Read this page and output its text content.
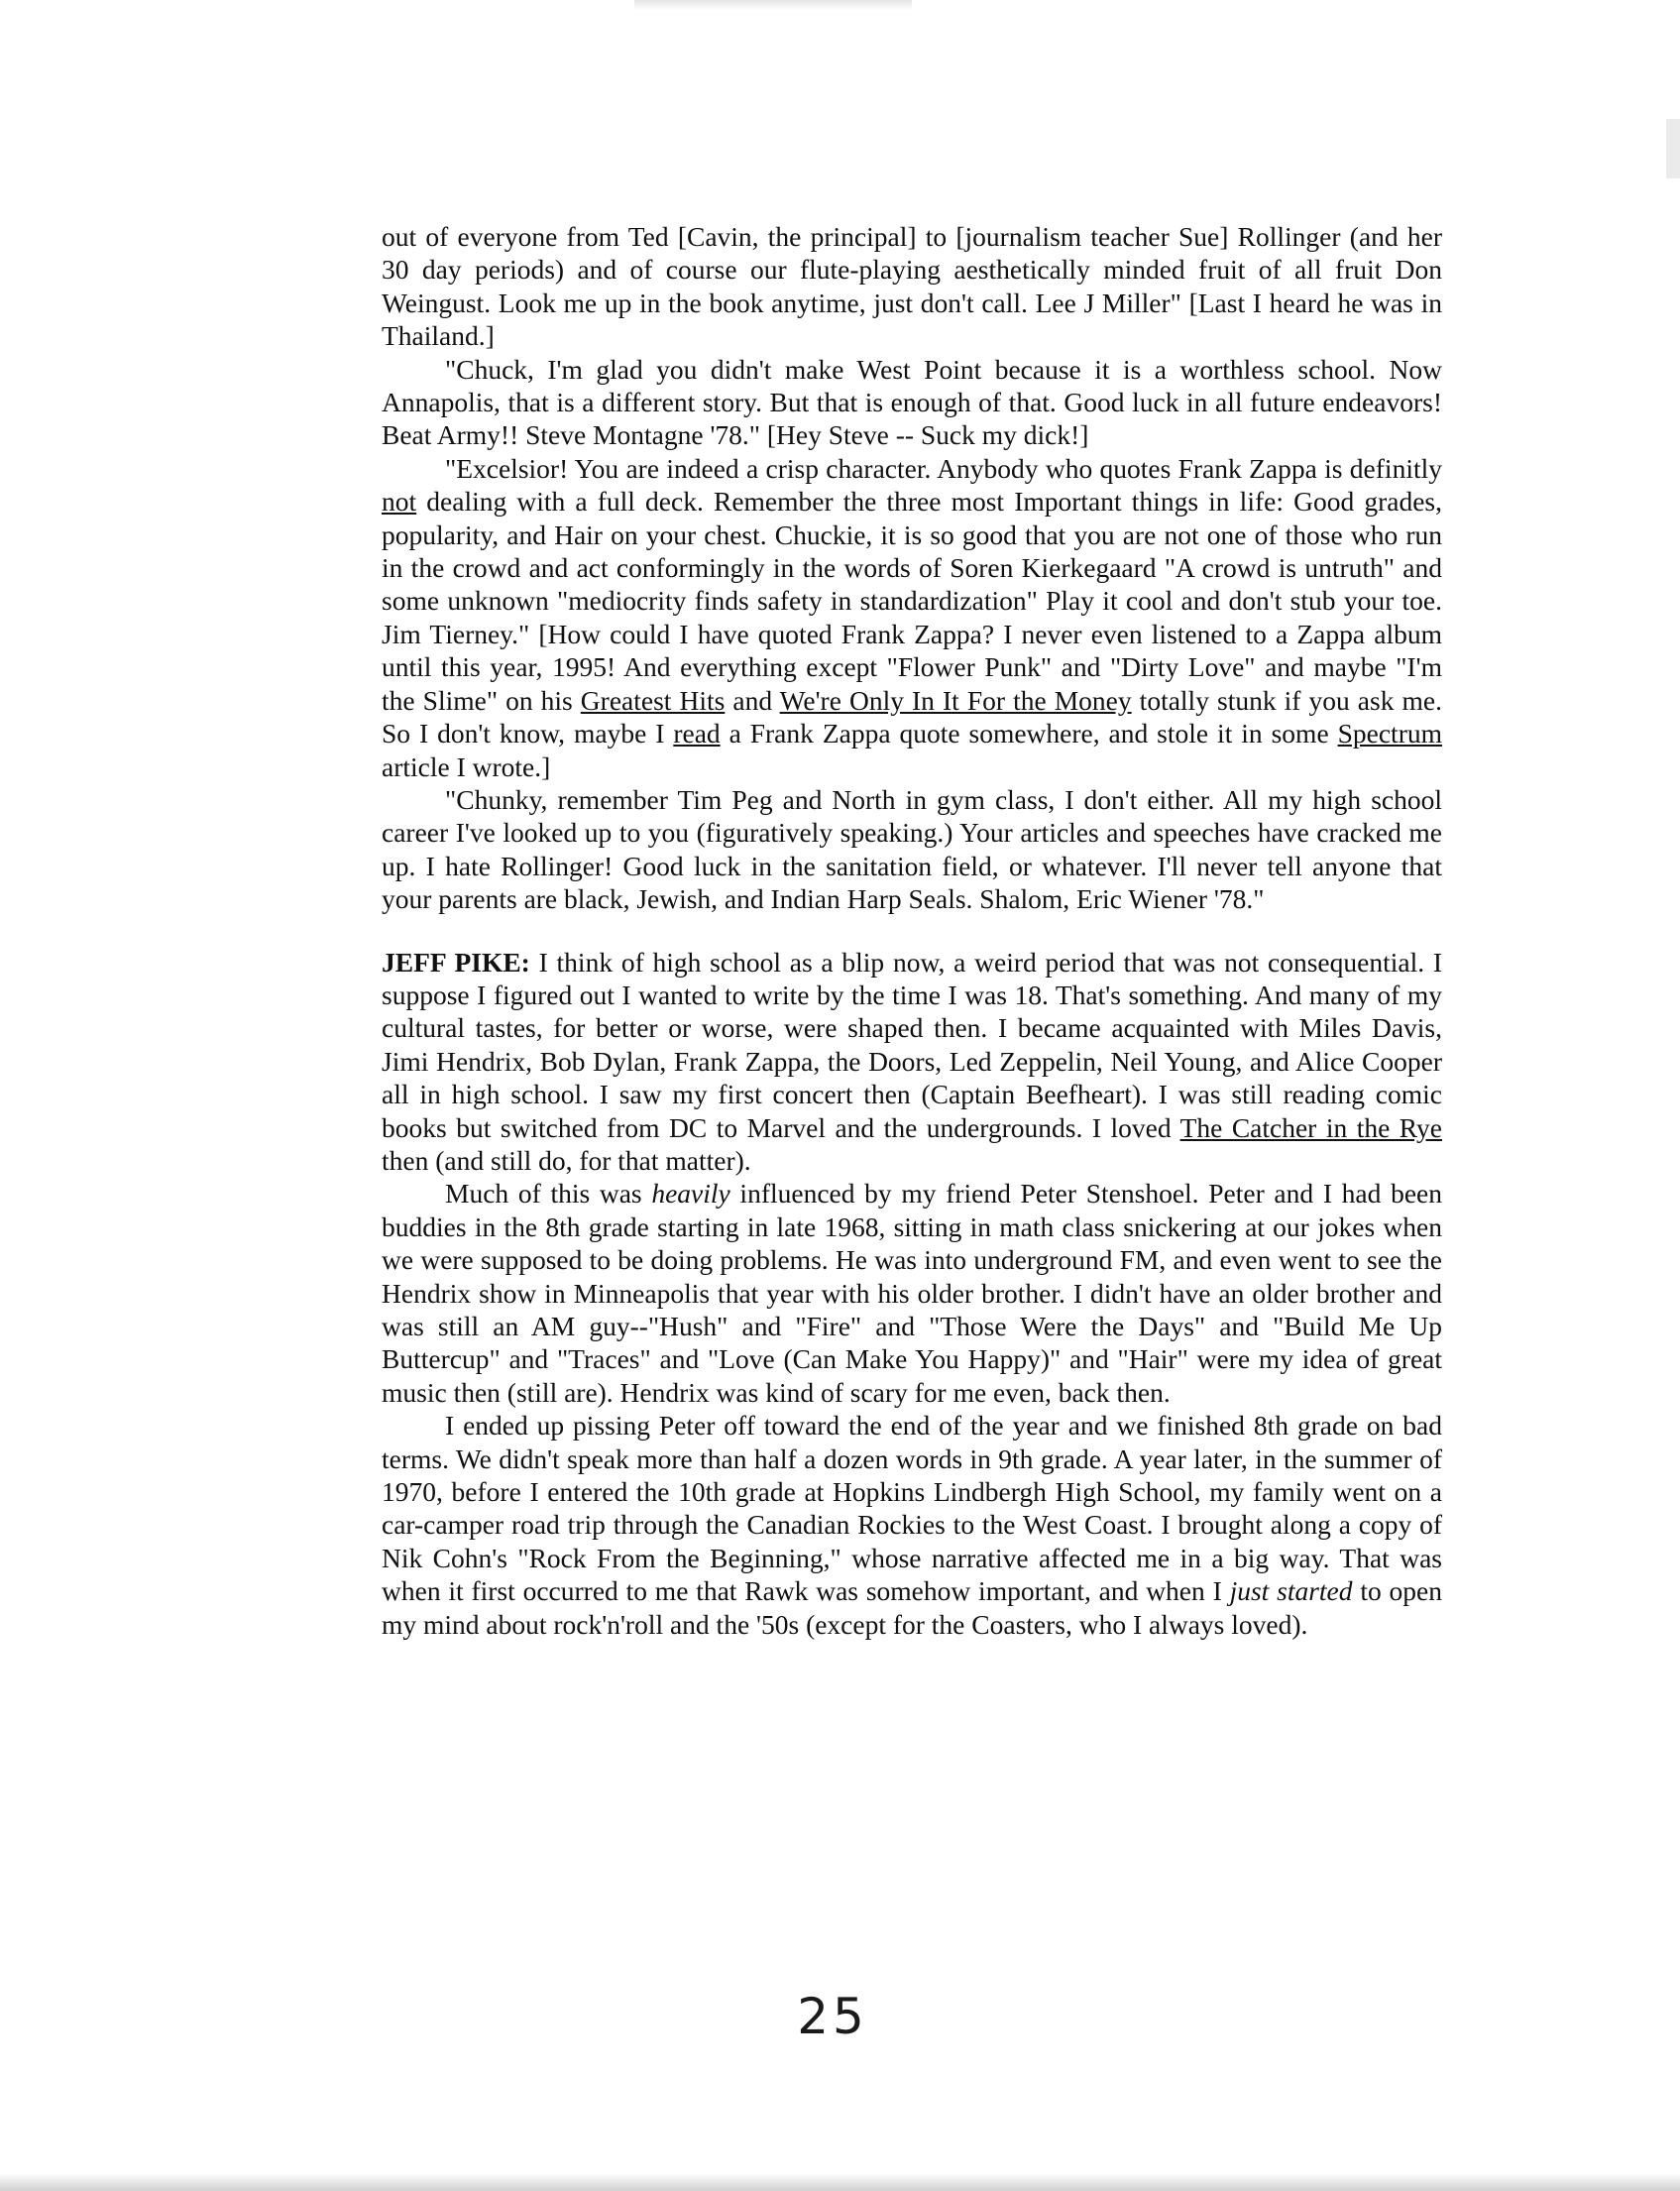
out of everyone from Ted [Cavin, the principal] to [journalism teacher Sue] Rollinger (and her 30 day periods) and of course our flute-playing aesthetically minded fruit of all fruit Don Weingust. Look me up in the book anytime, just don't call. Lee J Miller" [Last I heard he was in Thailand.]

"Chuck, I'm glad you didn't make West Point because it is a worthless school. Now Annapolis, that is a different story. But that is enough of that. Good luck in all future endeavors! Beat Army!! Steve Montagne '78." [Hey Steve -- Suck my dick!]

"Excelsior! You are indeed a crisp character. Anybody who quotes Frank Zappa is definitly not dealing with a full deck. Remember the three most Important things in life: Good grades, popularity, and Hair on your chest. Chuckie, it is so good that you are not one of those who run in the crowd and act conformingly in the words of Soren Kierkegaard "A crowd is untruth" and some unknown "mediocrity finds safety in standardization" Play it cool and don't stub your toe. Jim Tierney." [How could I have quoted Frank Zappa? I never even listened to a Zappa album until this year, 1995! And everything except "Flower Punk" and "Dirty Love" and maybe "I'm the Slime" on his Greatest Hits and We're Only In It For the Money totally stunk if you ask me. So I don't know, maybe I read a Frank Zappa quote somewhere, and stole it in some Spectrum article I wrote.]

"Chunky, remember Tim Peg and North in gym class, I don't either. All my high school career I've looked up to you (figuratively speaking.) Your articles and speeches have cracked me up. I hate Rollinger! Good luck in the sanitation field, or whatever. I'll never tell anyone that your parents are black, Jewish, and Indian Harp Seals. Shalom, Eric Wiener '78."

JEFF PIKE: I think of high school as a blip now, a weird period that was not consequential. I suppose I figured out I wanted to write by the time I was 18. That's something. And many of my cultural tastes, for better or worse, were shaped then. I became acquainted with Miles Davis, Jimi Hendrix, Bob Dylan, Frank Zappa, the Doors, Led Zeppelin, Neil Young, and Alice Cooper all in high school. I saw my first concert then (Captain Beefheart). I was still reading comic books but switched from DC to Marvel and the undergrounds. I loved The Catcher in the Rye then (and still do, for that matter).

Much of this was heavily influenced by my friend Peter Stenshoel. Peter and I had been buddies in the 8th grade starting in late 1968, sitting in math class snickering at our jokes when we were supposed to be doing problems. He was into underground FM, and even went to see the Hendrix show in Minneapolis that year with his older brother. I didn't have an older brother and was still an AM guy--"Hush" and "Fire" and "Those Were the Days" and "Build Me Up Buttercup" and "Traces" and "Love (Can Make You Happy)" and "Hair" were my idea of great music then (still are). Hendrix was kind of scary for me even, back then.

I ended up pissing Peter off toward the end of the year and we finished 8th grade on bad terms. We didn't speak more than half a dozen words in 9th grade. A year later, in the summer of 1970, before I entered the 10th grade at Hopkins Lindbergh High School, my family went on a car-camper road trip through the Canadian Rockies to the West Coast. I brought along a copy of Nik Cohn's "Rock From the Beginning," whose narrative affected me in a big way. That was when it first occurred to me that Rawk was somehow important, and when I just started to open my mind about rock'n'roll and the '50s (except for the Coasters, who I always loved).

25
